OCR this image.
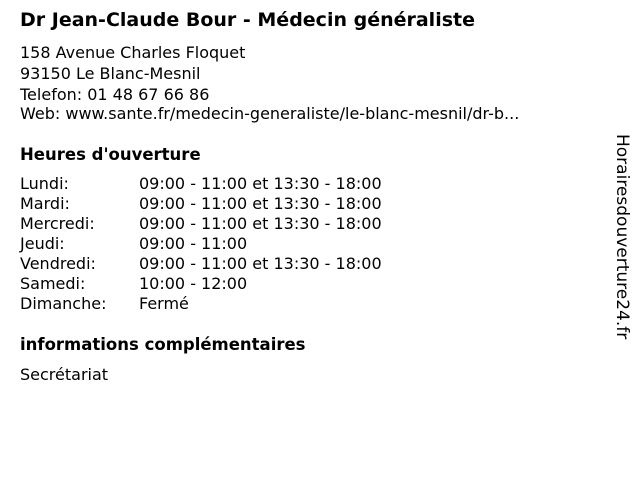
Dr Jean-Claude Bour - Médecin généraliste
158 Avenue Charles Floquet
93150 Le Blanc-Mesnil
Telefon: 01 48 67 66 86
Web: www.sante.fr/medecin-generaliste/le-blanc-mesnil/dr-b...
Heures d'ouverture
Lundi:	09:00 - 11:00 et 13:30 - 18:00
Mardi:	09:00 - 11:00 et 13:30 - 18:00
Mercredi:	09:00 - 11:00 et 13:30 - 18:00
Jeudi:	09:00 - 11:00
Vendredi:	09:00 - 11:00 et 13:30 - 18:00
Samedi:	10:00 - 12:00
Dimanche:	Fermé
informations complémentaires
Secrétariat
Horairesdouverture24.fr
